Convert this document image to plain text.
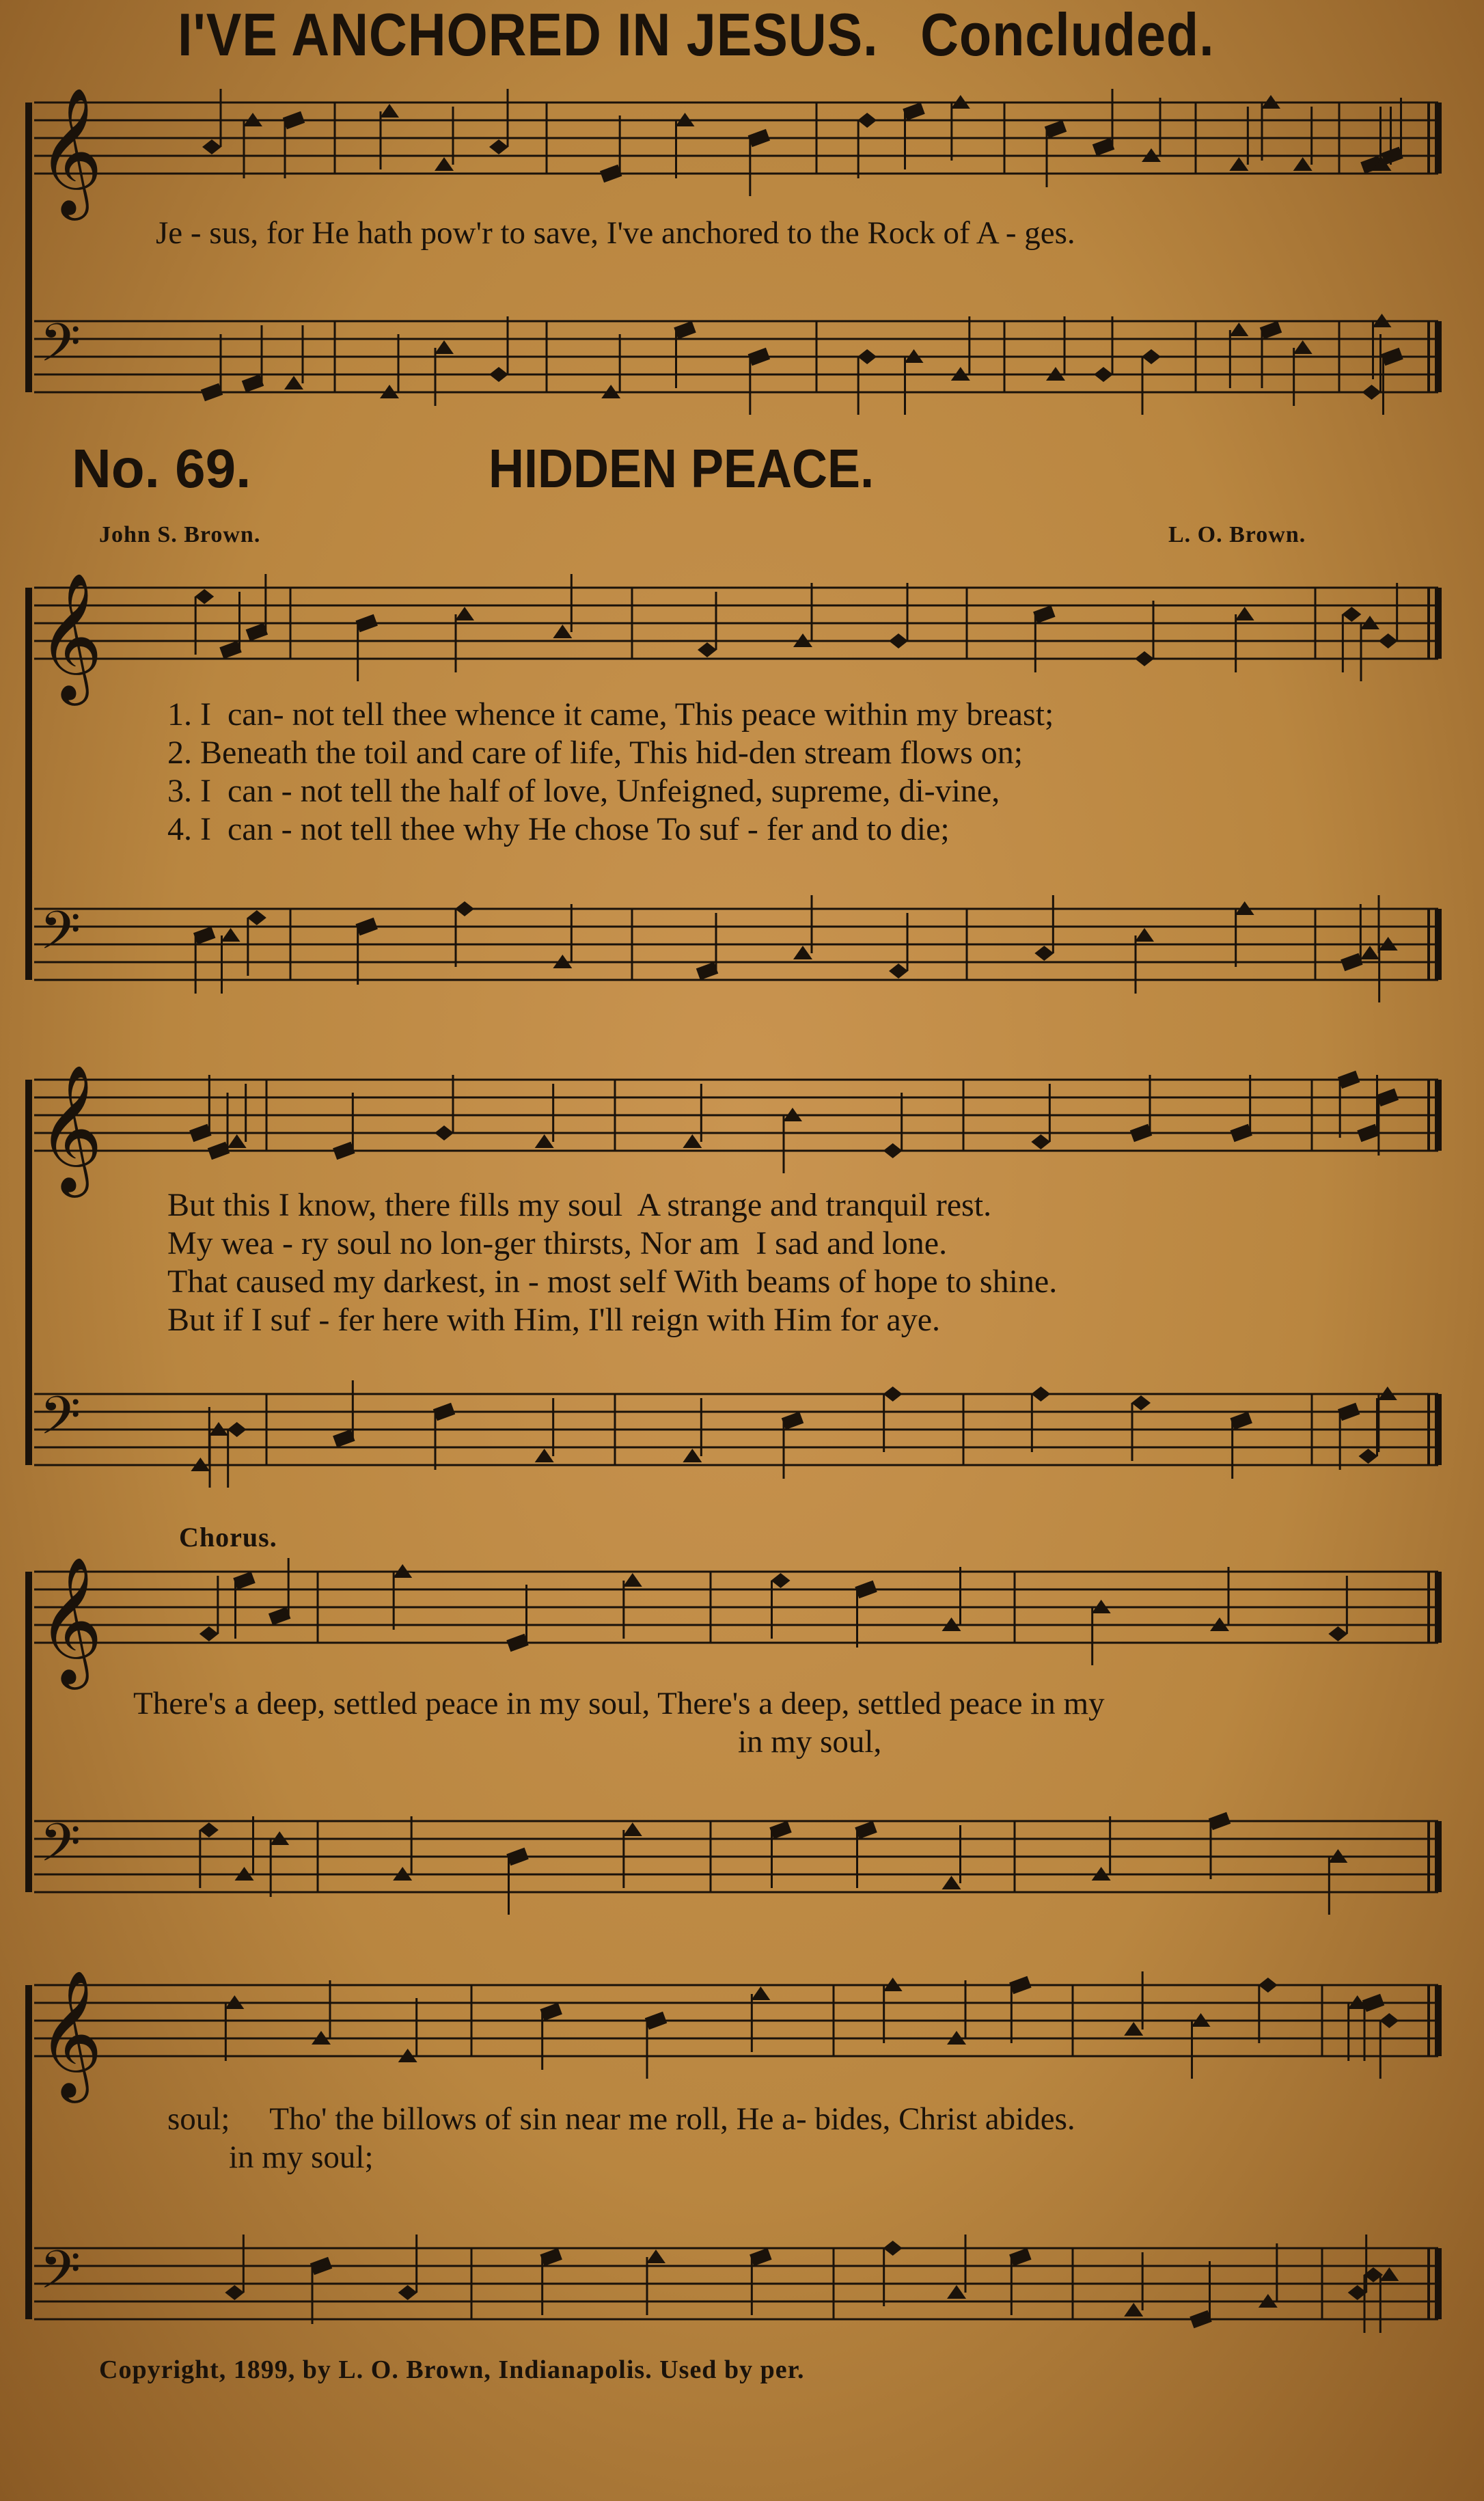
𝄞
𝄢
𝄞
𝄢
𝄞
𝄢
𝄞
𝄢
𝄞
𝄢
I'VE ANCHORED IN JESUS. Concluded.
Je - sus, for He hath pow'r to save, I've anchored to the Rock of A - ges.
No. 69.	HIDDEN PEACE.
John S. Brown.	L. O. Brown.
1. I  can- not tell thee whence it came, This peace within my breast;
2. Beneath the toil and care of life, This hid-den stream flows on;
3. I  can - not tell the half of love, Unfeigned, supreme, di-vine,
4. I  can - not tell thee why He chose To suf - fer and to die;
But this I know, there fills my soul  A strange and tranquil rest.
My wea - ry soul no lon-ger thirsts, Nor am  I sad and lone.
That caused my darkest, in - most self With beams of hope to shine.
But if I suf - fer here with Him, I'll reign with Him for aye.
Chorus.
There's a deep, settled peace in my soul, There's a deep, settled peace in my
in my soul,
soul;     Tho' the billows of sin near me roll, He a- bides, Christ abides.
in my soul;
Copyright, 1899, by L. O. Brown, Indianapolis. Used by per.
